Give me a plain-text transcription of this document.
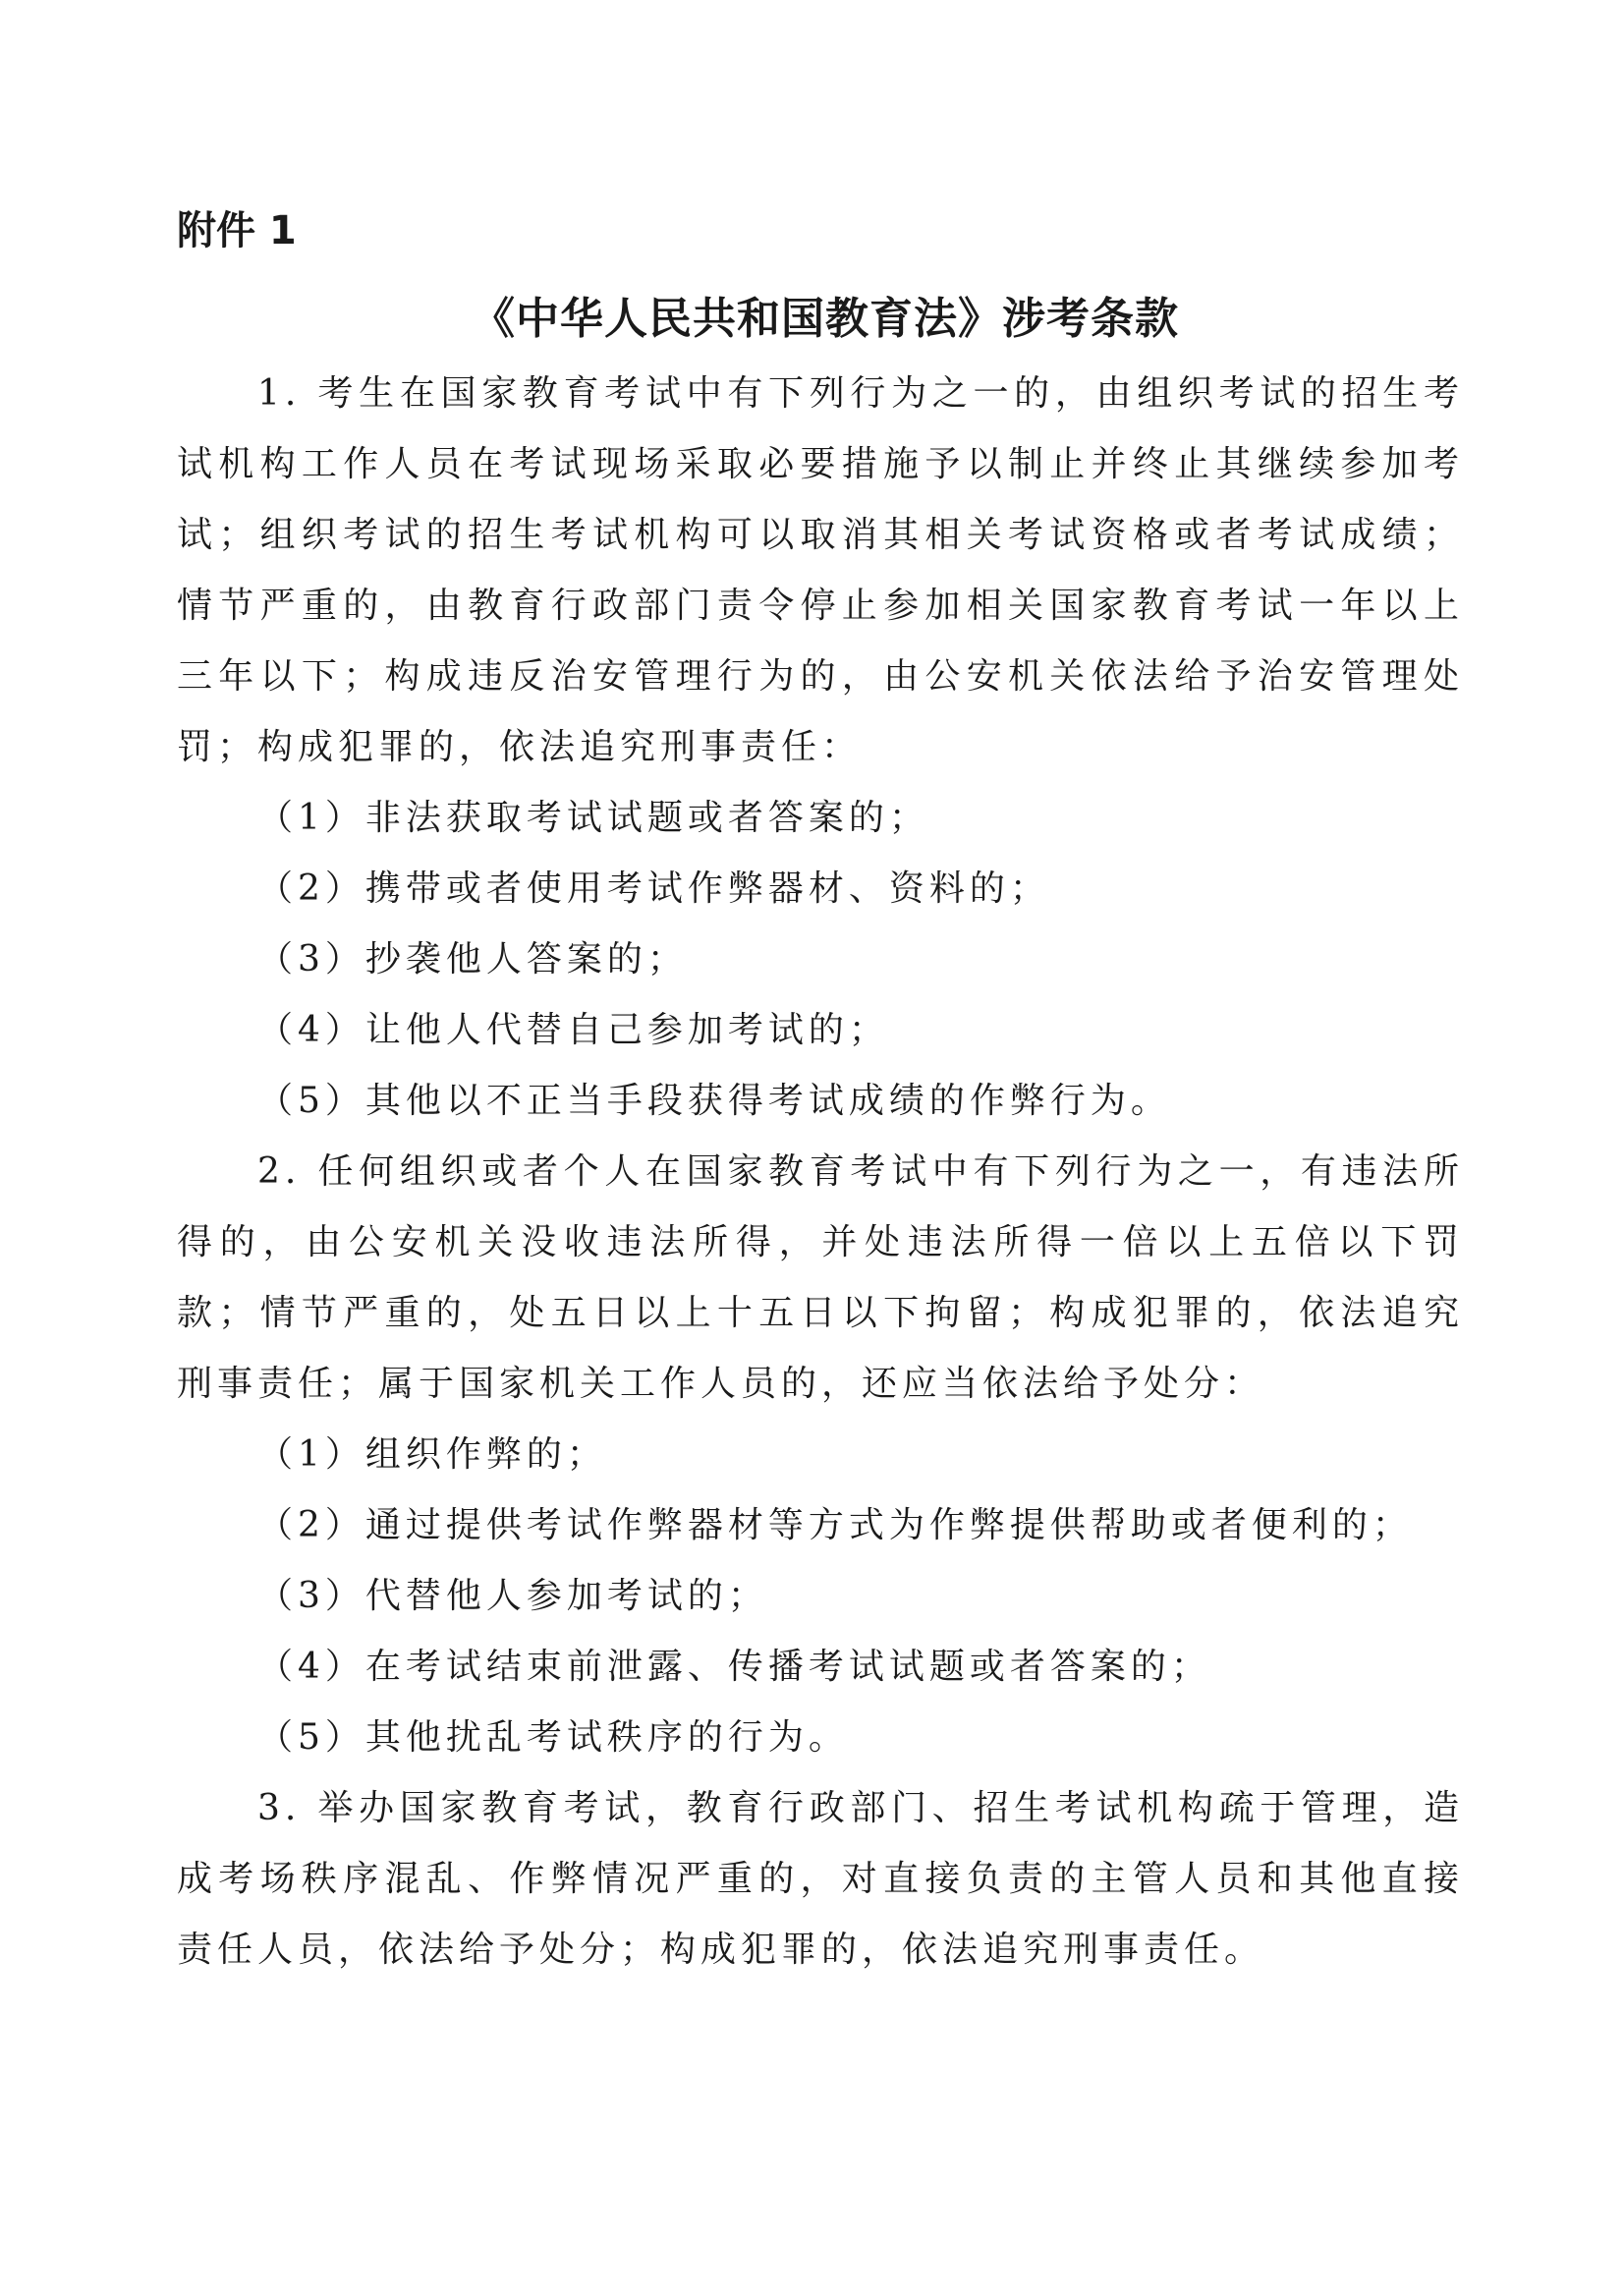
附件 1

《中华人民共和国教育法》涉考条款

1. 考生在国家教育考试中有下列行为之一的，由组织考试的招生考试机构工作人员在考试现场采取必要措施予以制止并终止其继续参加考试；组织考试的招生考试机构可以取消其相关考试资格或者考试成绩；情节严重的，由教育行政部门责令停止参加相关国家教育考试一年以上三年以下；构成违反治安管理行为的，由公安机关依法给予治安管理处罚；构成犯罪的，依法追究刑事责任：

（1）非法获取考试试题或者答案的；

（2）携带或者使用考试作弊器材、资料的；

（3）抄袭他人答案的；

（4）让他人代替自己参加考试的；

（5）其他以不正当手段获得考试成绩的作弊行为。

2. 任何组织或者个人在国家教育考试中有下列行为之一，有违法所得的，由公安机关没收违法所得，并处违法所得一倍以上五倍以下罚款；情节严重的，处五日以上十五日以下拘留；构成犯罪的，依法追究刑事责任；属于国家机关工作人员的，还应当依法给予处分：

（1）组织作弊的；

（2）通过提供考试作弊器材等方式为作弊提供帮助或者便利的；

（3）代替他人参加考试的；

（4）在考试结束前泄露、传播考试试题或者答案的；

（5）其他扰乱考试秩序的行为。

3. 举办国家教育考试，教育行政部门、招生考试机构疏于管理，造成考场秩序混乱、作弊情况严重的，对直接负责的主管人员和其他直接责任人员，依法给予处分；构成犯罪的，依法追究刑事责任。
